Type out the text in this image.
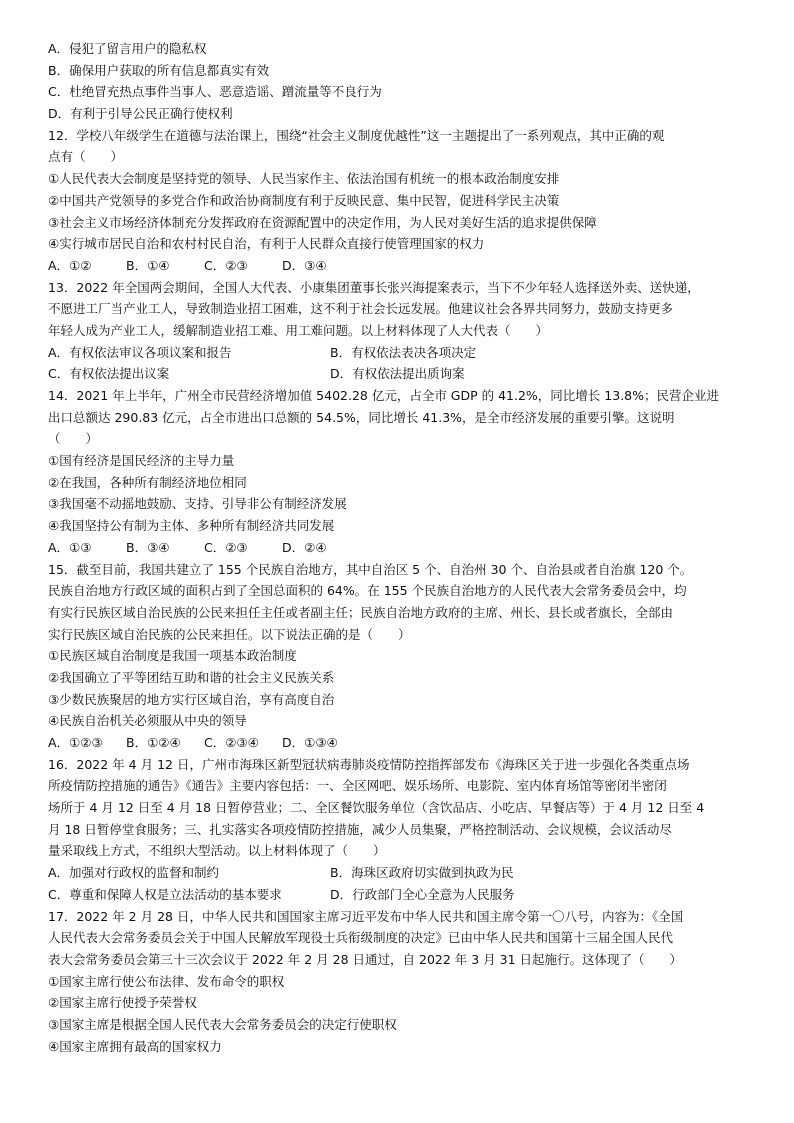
A．侵犯了留言用户的隐私权
B．确保用户获取的所有信息都真实有效
C．杜绝冒充热点事件当事人、恶意造谣、蹭流量等不良行为
D．有利于引导公民正确行使权利
12．学校八年级学生在道德与法治课上，围绕“社会主义制度优越性”这一主题提出了一系列观点，其中正确的观
点有（　　）
①人民代表大会制度是坚持党的领导、人民当家作主、依法治国有机统一的根本政治制度安排
②中国共产党领导的多党合作和政治协商制度有利于反映民意、集中民智，促进科学民主决策
③社会主义市场经济体制充分发挥政府在资源配置中的决定作用，为人民对美好生活的追求提供保障
④实行城市居民自治和农村村民自治，有利于人民群众直接行使管理国家的权力
A．①②	B．①④	C．②③	D．③④
13．2022 年全国两会期间，全国人大代表、小康集团董事长张兴海提案表示，当下不少年轻人选择送外卖、送快递，
不愿进工厂当产业工人，导致制造业招工困难，这不利于社会长远发展。他建议社会各界共同努力，鼓励支持更多
年轻人成为产业工人，缓解制造业招工难、用工难问题。以上材料体现了人大代表（　　）
A．有权依法审议各项议案和报告	B．有权依法表决各项决定
C．有权依法提出议案	D．有权依法提出质询案
14．2021 年上半年，广州全市民营经济增加值 5402.28 亿元，占全市 GDP 的 41.2%，同比增长 13.8%；民营企业进
出口总额达 290.83 亿元，占全市进出口总额的 54.5%，同比增长 41.3%，是全市经济发展的重要引擎。这说明
（　　）
①国有经济是国民经济的主导力量
②在我国，各种所有制经济地位相同
③我国毫不动摇地鼓励、支持、引导非公有制经济发展
④我国坚持公有制为主体、多种所有制经济共同发展
A．①③	B．③④	C．②③	D．②④
15．截至目前，我国共建立了 155 个民族自治地方，其中自治区 5 个、自治州 30 个、自治县或者自治旗 120 个。
民族自治地方行政区域的面积占到了全国总面积的 64%。在 155 个民族自治地方的人民代表大会常务委员会中，均
有实行民族区域自治民族的公民来担任主任或者副主任；民族自治地方政府的主席、州长、县长或者旗长，全部由
实行民族区域自治民族的公民来担任。以下说法正确的是（　　）
①民族区域自治制度是我国一项基本政治制度
②我国确立了平等团结互助和谐的社会主义民族关系
③少数民族聚居的地方实行区域自治，享有高度自治
④民族自治机关必须服从中央的领导
A．①②③	B．①②④	C．②③④	D．①③④
16．2022 年 4 月 12 日，广州市海珠区新型冠状病毒肺炎疫情防控指挥部发布《海珠区关于进一步强化各类重点场
所疫情防控措施的通告》《通告》主要内容包括：一、全区网吧、娱乐场所、电影院、室内体育场馆等密闭半密闭
场所于 4 月 12 日至 4 月 18 日暂停营业；二、全区餐饮服务单位（含饮品店、小吃店、早餐店等）于 4 月 12 日至 4
月 18 日暂停堂食服务；三、扎实落实各项疫情防控措施，减少人员集聚，严格控制活动、会议规模，会议活动尽
量采取线上方式，不组织大型活动。以上材料体现了（　　）
A．加强对行政权的监督和制约	B．海珠区政府切实做到执政为民
C．尊重和保障人权是立法活动的基本要求	D．行政部门全心全意为人民服务
17．2022 年 2 月 28 日，中华人民共和国国家主席习近平发布中华人民共和国主席令第一〇八号，内容为：《全国
人民代表大会常务委员会关于中国人民解放军现役士兵衔级制度的决定》已由中华人民共和国第十三届全国人民代
表大会常务委员会第三十三次会议于 2022 年 2 月 28 日通过，自 2022 年 3 月 31 日起施行。这体现了（　　）
①国家主席行使公布法律、发布命令的职权
②国家主席行使授予荣誉权
③国家主席是根据全国人民代表大会常务委员会的决定行使职权
④国家主席拥有最高的国家权力
